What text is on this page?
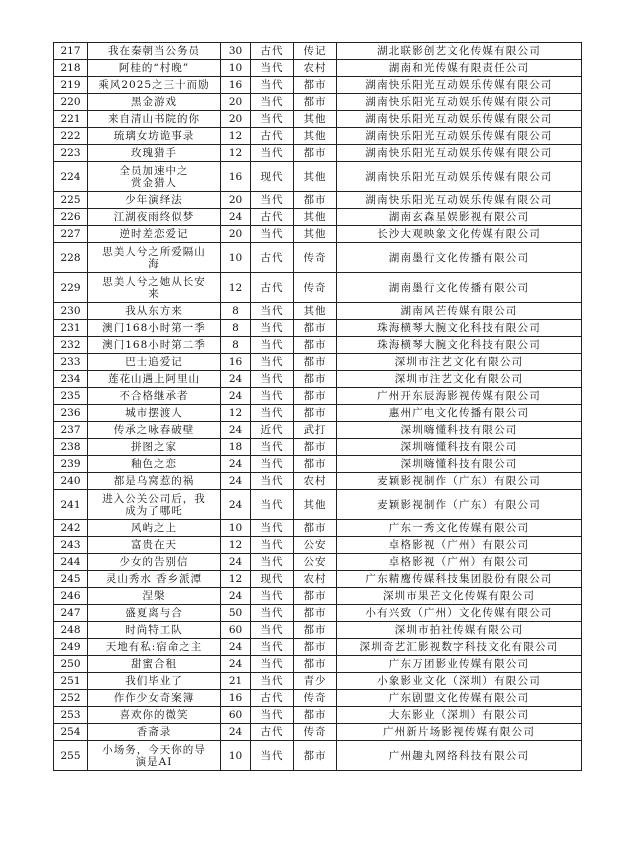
217	我在秦朝当公务员	30	古代	传记	湖北联影创艺文化传媒有限公司
218	阿桂的“村晚”	10	当代	农村	湖南和光传媒有限责任公司
219	乘风2025之三十而励	16	当代	都市	湖南快乐阳光互动娱乐传媒有限公司
220	黑金游戏	20	当代	都市	湖南快乐阳光互动娱乐传媒有限公司
221	来自清山书院的你	20	当代	其他	湖南快乐阳光互动娱乐传媒有限公司
222	琉璃女坊诡事录	12	古代	其他	湖南快乐阳光互动娱乐传媒有限公司
223	玫瑰猎手	12	当代	都市	湖南快乐阳光互动娱乐传媒有限公司
224	全员加速中之
赏金猎人	16	现代	其他	湖南快乐阳光互动娱乐传媒有限公司
225	少年演绎法	20	当代	都市	湖南快乐阳光互动娱乐传媒有限公司
226	江湖夜雨终似梦	24	古代	其他	湖南玄森星娱影视有限公司
227	逆时差恋爱记	20	当代	其他	长沙大观映象文化传媒有限公司
228	思美人兮之所爱隔山
海	10	古代	传奇	湖南墨行文化传播有限公司
229	思美人兮之她从长安
来	12	古代	传奇	湖南墨行文化传播有限公司
230	我从东方来	8	当代	其他	湖南风芒传媒有限公司
231	澳门168小时第一季	8	当代	都市	珠海横琴大腕文化科技有限公司
232	澳门168小时第二季	8	当代	都市	珠海横琴大腕文化科技有限公司
233	巴士追爱记	16	当代	都市	深圳市注艺文化有限公司
234	莲花山遇上阿里山	24	当代	都市	深圳市注艺文化有限公司
235	不合格继承者	24	当代	都市	广州开东辰海影视传媒有限公司
236	城市摆渡人	12	当代	都市	惠州广电文化传播有限公司
237	传承之咏春破壁	24	近代	武打	深圳嗨懂科技有限公司
238	拼图之家	18	当代	都市	深圳嗨懂科技有限公司
239	釉色之恋	24	当代	都市	深圳嗨懂科技有限公司
240	都是乌窝惹的祸	24	当代	农村	麦颖影视制作（广东）有限公司
241	进入公关公司后，我
成为了哪吒	24	当代	其他	麦颖影视制作（广东）有限公司
242	风屿之上	10	当代	都市	广东一秀文化传媒有限公司
243	富贵在天	12	当代	公安	卓格影视（广州）有限公司
244	少女的告别信	24	当代	公安	卓格影视（广州）有限公司
245	灵山秀水 香乡派潭	12	现代	农村	广东精鹰传媒科技集团股份有限公司
246	涅槃	24	当代	都市	深圳市果芒文化传媒有限公司
247	盛夏离与合	50	当代	都市	小有兴致（广州）文化传媒有限公司
248	时尚特工队	60	当代	都市	深圳市拍社传媒有限公司
249	天地有私:宿命之主	24	当代	都市	深圳奇艺汇影视数字科技文化有限公司
250	甜蜜合租	24	当代	都市	广东万团影业传媒有限公司
251	我们毕业了	21	当代	青少	小象影业文化（深圳）有限公司
252	作作少女奇案簿	16	古代	传奇	广东剧盟文化传媒有限公司
253	喜欢你的微笑	60	当代	都市	大东影业（深圳）有限公司
254	香斋录	24	古代	传奇	广州新片场影视传媒有限公司
255	小场务，今天你的导
演是AI	10	当代	都市	广州趣丸网络科技有限公司
